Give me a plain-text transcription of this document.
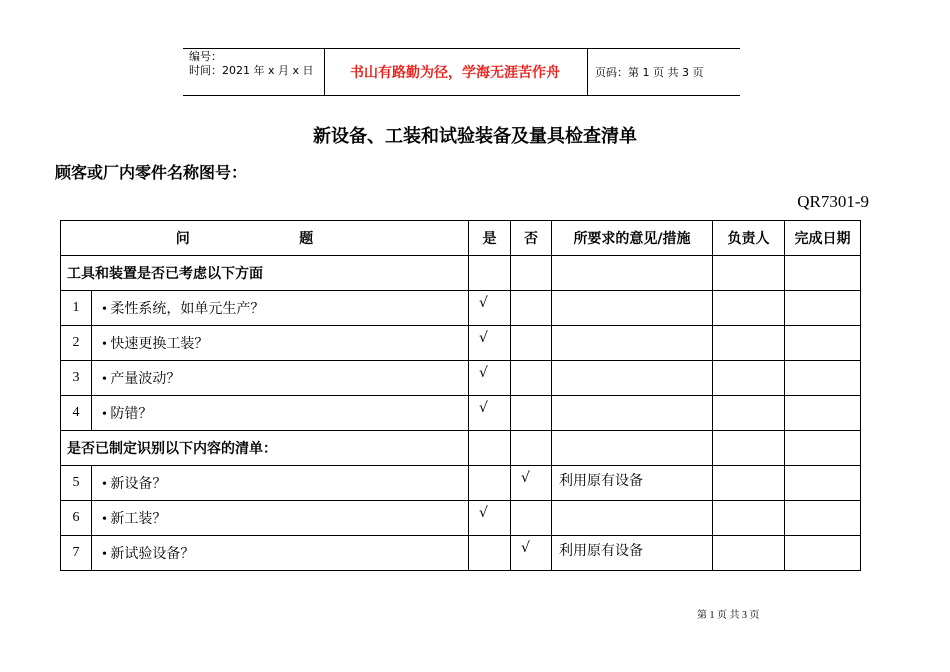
编号：
时间：2021 年 x 月 x 日	书山有路勤为径，学海无涯苦作舟	页码：第 1 页 共 3 页
新设备、工装和试验装备及量具检查清单
顾客或厂内零件名称图号：
QR7301-9
问 题		是	否	所要求的意见/措施	负责人	完成日期
工具和装置是否已考虑以下方面						
1	• 柔性系统，如单元生产？	√				
2	• 快速更换工装？	√				
3	• 产量波动？	√				
4	• 防错？	√				
是否已制定识别以下内容的清单：						
5	• 新设备？		√	利用原有设备		
6	• 新工装？	√				
7	• 新试验设备？		√	利用原有设备		
第 1 页 共 3 页
